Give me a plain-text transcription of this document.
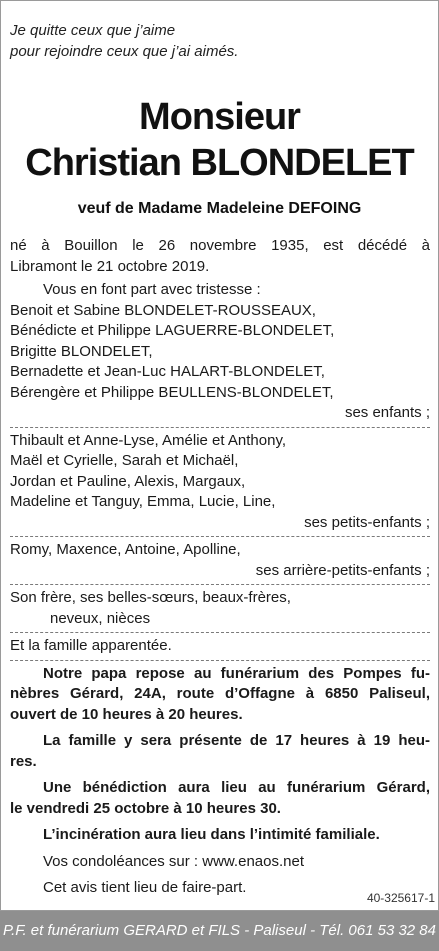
Je quitte ceux que j’aime
pour rejoindre ceux que j’ai aimés.
Monsieur
Christian BLONDELET
veuf de Madame Madeleine DEFOING
né à Bouillon le 26 novembre 1935, est décédé à
Libramont le 21 octobre 2019.
Vous en font part avec tristesse :
Benoit et Sabine BLONDELET-ROUSSEAUX,
Bénédicte et Philippe LAGUERRE-BLONDELET,
Brigitte BLONDELET,
Bernadette et Jean-Luc HALART-BLONDELET,
Bérengère et Philippe BEULLENS-BLONDELET,
ses enfants ;
Thibault et Anne-Lyse, Amélie et Anthony,
Maël et Cyrielle, Sarah et Michaël,
Jordan et Pauline, Alexis, Margaux,
Madeline et Tanguy, Emma, Lucie, Line,
ses petits-enfants ;
Romy, Maxence, Antoine, Apolline,
ses arrière-petits-enfants ;
Son frère, ses belles-sœurs, beaux-frères,
neveux, nièces
Et la famille apparentée.
Notre papa repose au funérarium des Pompes fu-
nèbres Gérard, 24A, route d’Offagne à 6850 Paliseul,
ouvert de 10 heures à 20 heures.
La famille y sera présente de 17 heures à 19 heu-
res.
Une bénédiction aura lieu au funérarium Gérard,
le vendredi 25 octobre à 10 heures 30.
L’incinération aura lieu dans l’intimité familiale.
Vos condoléances sur : www.enaos.net
Cet avis tient lieu de faire-part.
40-325617-1
P.F. et funérarium GERARD et FILS - Paliseul - Tél. 061 53 32 84
